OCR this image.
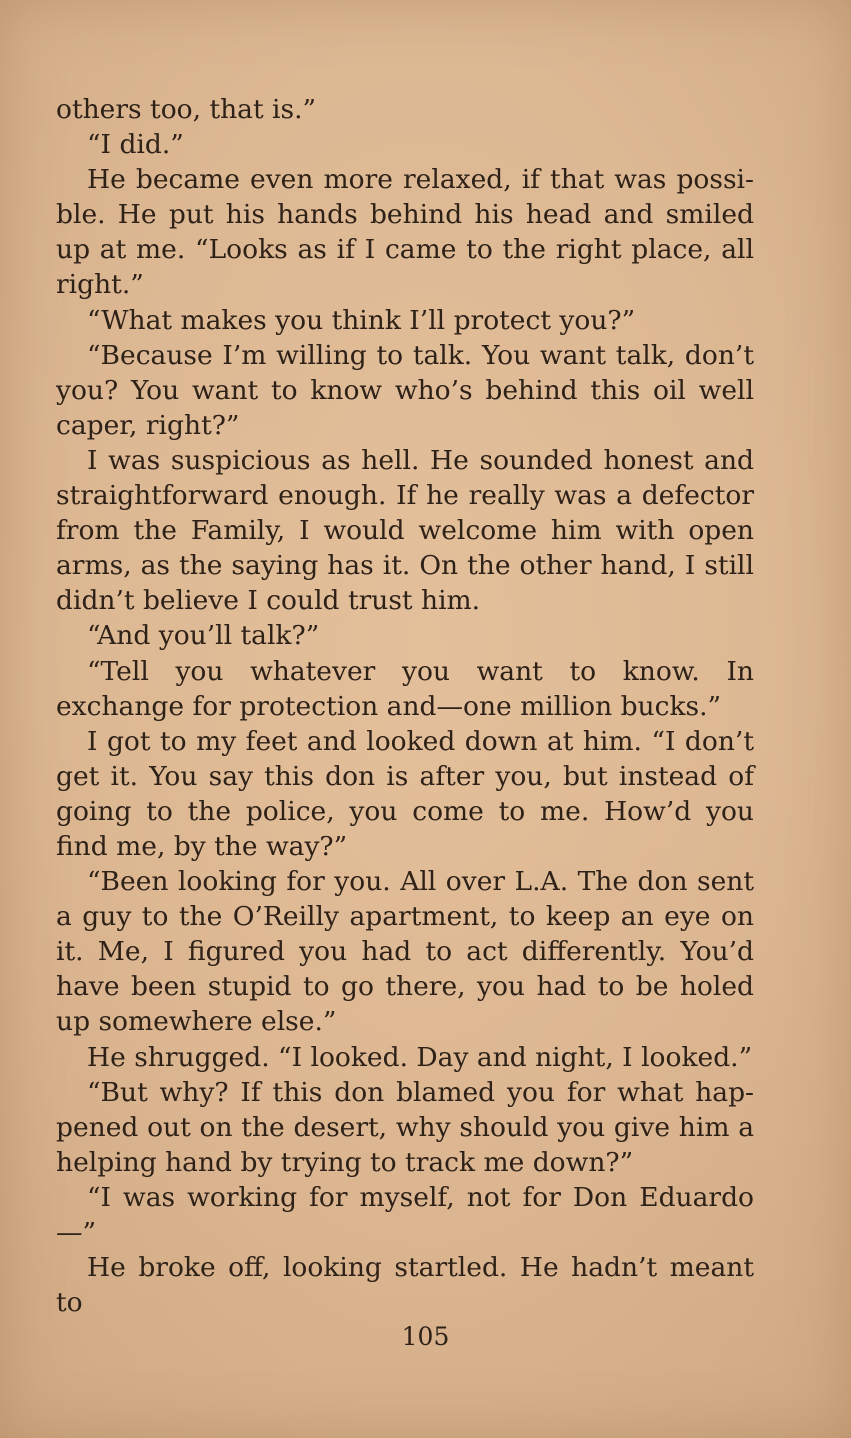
others too, that is.”

“I did.”

He became even more relaxed, if that was possi-ble. He put his hands behind his head and smiled up at me. “Looks as if I came to the right place, all right.”

“What makes you think I’ll protect you?”

“Because I’m willing to talk. You want talk, don’t you? You want to know who’s behind this oil well caper, right?”

I was suspicious as hell. He sounded honest and straightforward enough. If he really was a defector from the Family, I would welcome him with open arms, as the saying has it. On the other hand, I still didn’t believe I could trust him.

“And you’ll talk?”

“Tell you whatever you want to know. In exchange for protection and—one million bucks.”

I got to my feet and looked down at him. “I don’t get it. You say this don is after you, but instead of going to the police, you come to me. How’d you find me, by the way?”

“Been looking for you. All over L.A. The don sent a guy to the O’Reilly apartment, to keep an eye on it. Me, I figured you had to act differently. You’d have been stupid to go there, you had to be holed up somewhere else.”

He shrugged. “I looked. Day and night, I looked.”

“But why? If this don blamed you for what hap-pened out on the desert, why should you give him a helping hand by trying to track me down?”

“I was working for myself, not for Don Eduardo—”

He broke off, looking startled. He hadn’t meant to

105
